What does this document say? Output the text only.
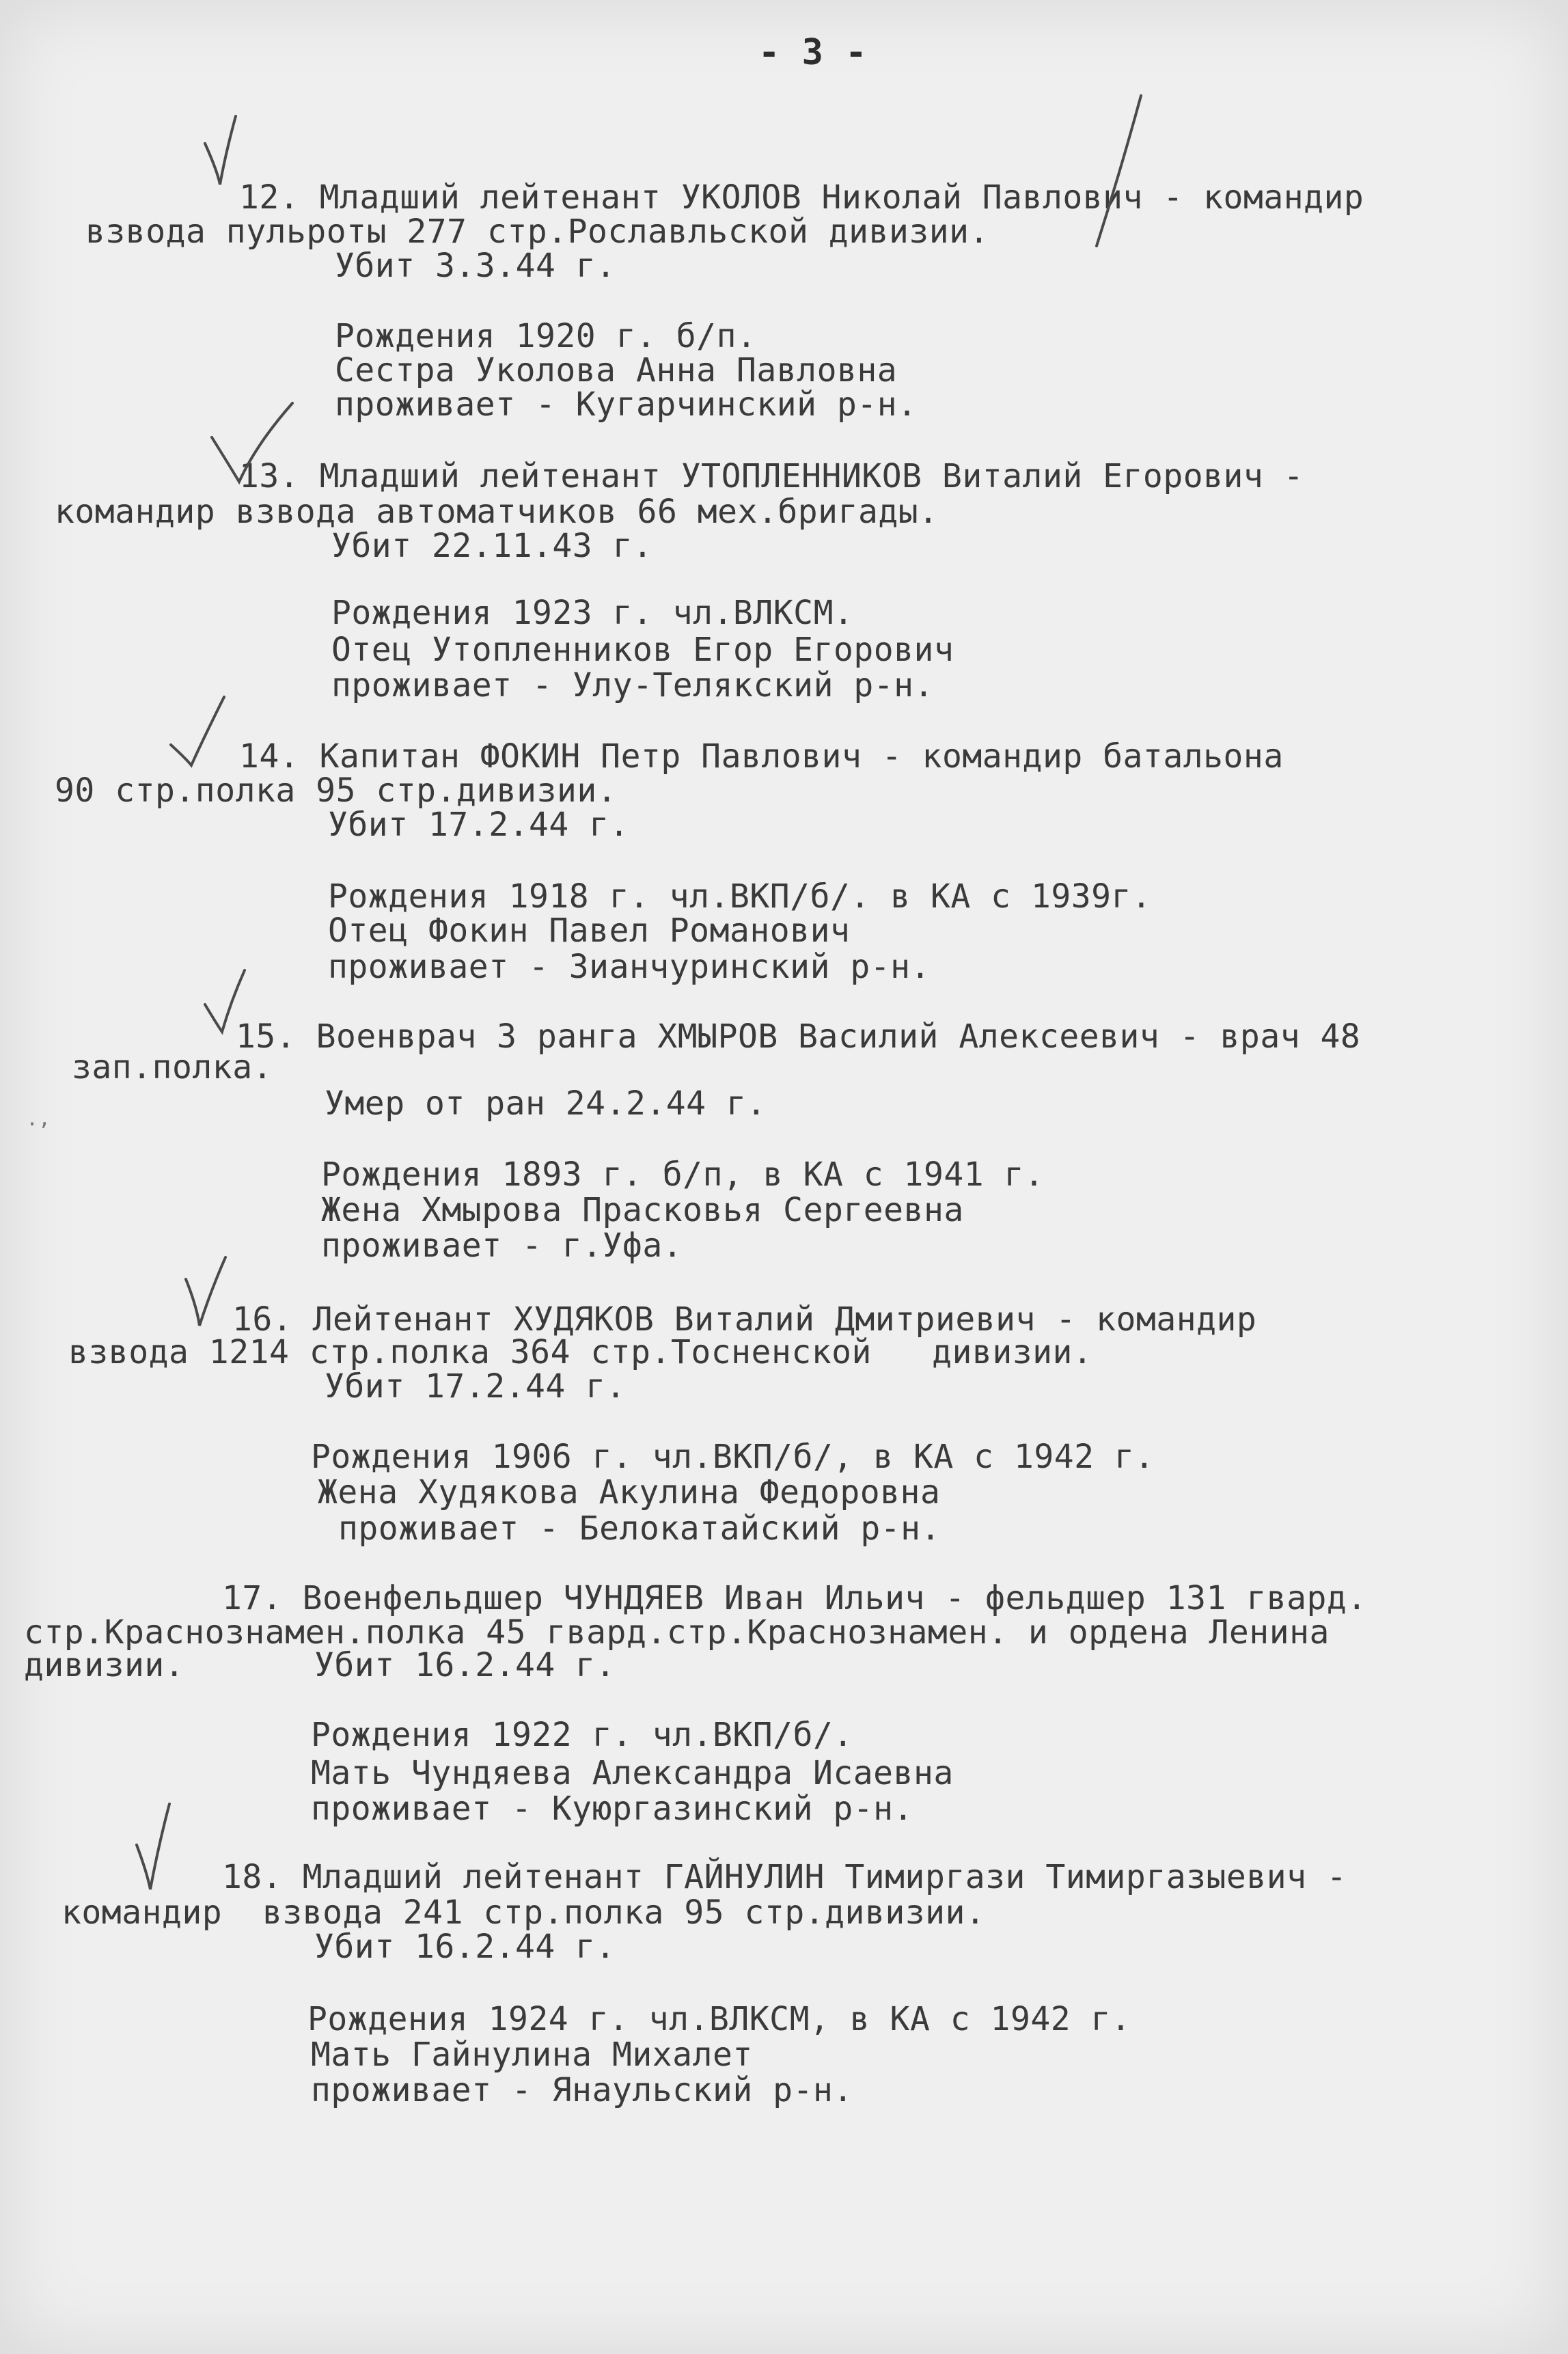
- 3 -
12. Младший лейтенант УКОЛОВ Николай Павлович - командир
взвода пульроты 277 стр.Рославльской дивизии.
Убит 3.3.44 г.
Рождения 1920 г. б/п.
Сестра Уколова Анна Павловна
проживает - Кугарчинский р-н.
13. Младший лейтенант УТОПЛЕННИКОВ Виталий Егорович -
командир взвода автоматчиков 66 мех.бригады.
Убит 22.11.43 г.
Рождения 1923 г. чл.ВЛКСМ.
Отец Утопленников Егор Егорович
проживает - Улу-Телякский р-н.
14. Капитан ФОКИН Петр Павлович - командир батальона
90 стр.полка 95 стр.дивизии.
Убит 17.2.44 г.
Рождения 1918 г. чл.ВКП/б/. в КА с 1939г.
Отец Фокин Павел Романович
проживает - Зианчуринский р-н.
15. Военврач 3 ранга ХМЫРОВ Василий Алексеевич - врач 48
зап.полка.
Умер от ран 24.2.44 г.
Рождения 1893 г. б/п, в КА с 1941 г.
Жена Хмырова Прасковья Сергеевна
проживает - г.Уфа.
16. Лейтенант ХУДЯКОВ Виталий Дмитриевич - командир
взвода 1214 стр.полка 364 стр.Тосненской   дивизии.
Убит 17.2.44 г.
Рождения 1906 г. чл.ВКП/б/, в КА с 1942 г.
Жена Худякова Акулина Федоровна
проживает - Белокатайский р-н.
17. Военфельдшер ЧУНДЯЕВ Иван Ильич - фельдшер 131 гвард.
стр.Краснознамен.полка 45 гвард.стр.Краснознамен. и ордена Ленина
дивизии.	Убит 16.2.44 г.
Рождения 1922 г. чл.ВКП/б/.
Мать Чундяева Александра Исаевна
проживает - Куюргазинский р-н.
18. Младший лейтенант ГАЙНУЛИН Тимиргази Тимиргазыевич -
командир  взвода 241 стр.полка 95 стр.дивизии.
Убит 16.2.44 г.
Рождения 1924 г. чл.ВЛКСМ, в КА с 1942 г.
Мать Гайнулина Михалет
проживает - Янаульский р-н.
.,
